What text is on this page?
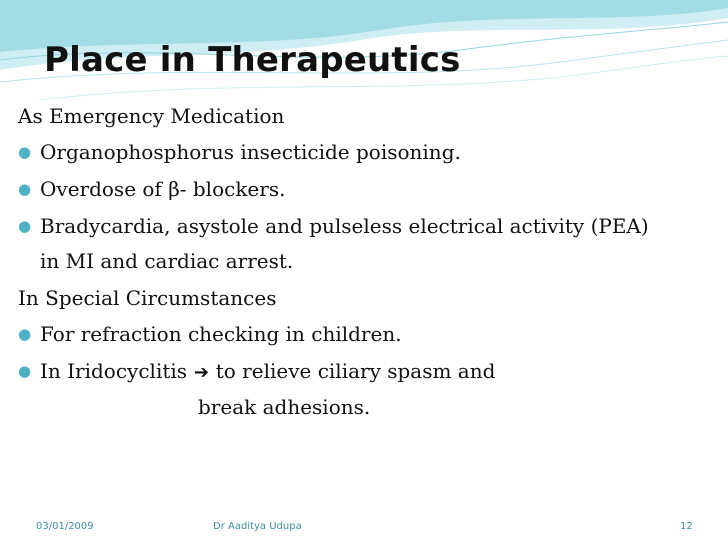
Place in Therapeutics
As Emergency Medication
● Organophosphorus insecticide poisoning.
● Overdose of β- blockers.
● Bradycardia, asystole and pulseless electrical activity (PEA)
in MI and cardiac arrest.
In Special Circumstances
● For refraction checking in children.
● In Iridocyclitis ➔ to relieve ciliary spasm and
break adhesions.
03/01/2009	Dr Aaditya Udupa	12
